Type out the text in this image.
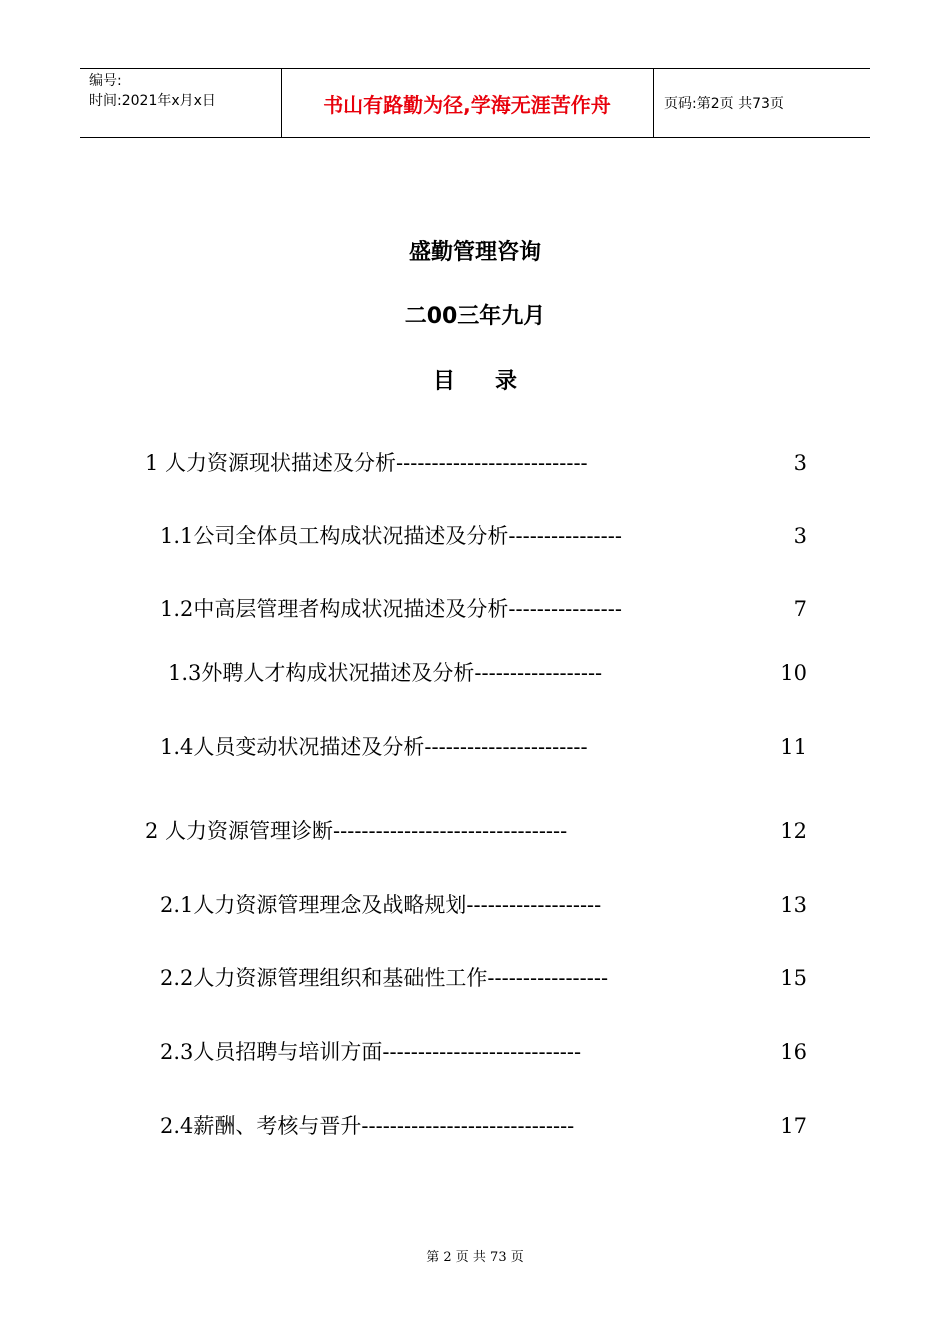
编号:
时间:2021年x月x日	书山有路勤为径,学海无涯苦作舟	页码:第2页 共73页
盛勤管理咨询
二00三年九月
目录
1 人力资源现状描述及分析---------------------------	3
1.1公司全体员工构成状况描述及分析----------------	3
1.2中高层管理者构成状况描述及分析----------------	7
1.3外聘人才构成状况描述及分析------------------	10
1.4人员变动状况描述及分析-----------------------	11
2 人力资源管理诊断---------------------------------	12
2.1人力资源管理理念及战略规划-------------------	13
2.2人力资源管理组织和基础性工作-----------------	15
2.3人员招聘与培训方面----------------------------	16
2.4薪酬、考核与晋升------------------------------	17
第 2 页 共 73 页
